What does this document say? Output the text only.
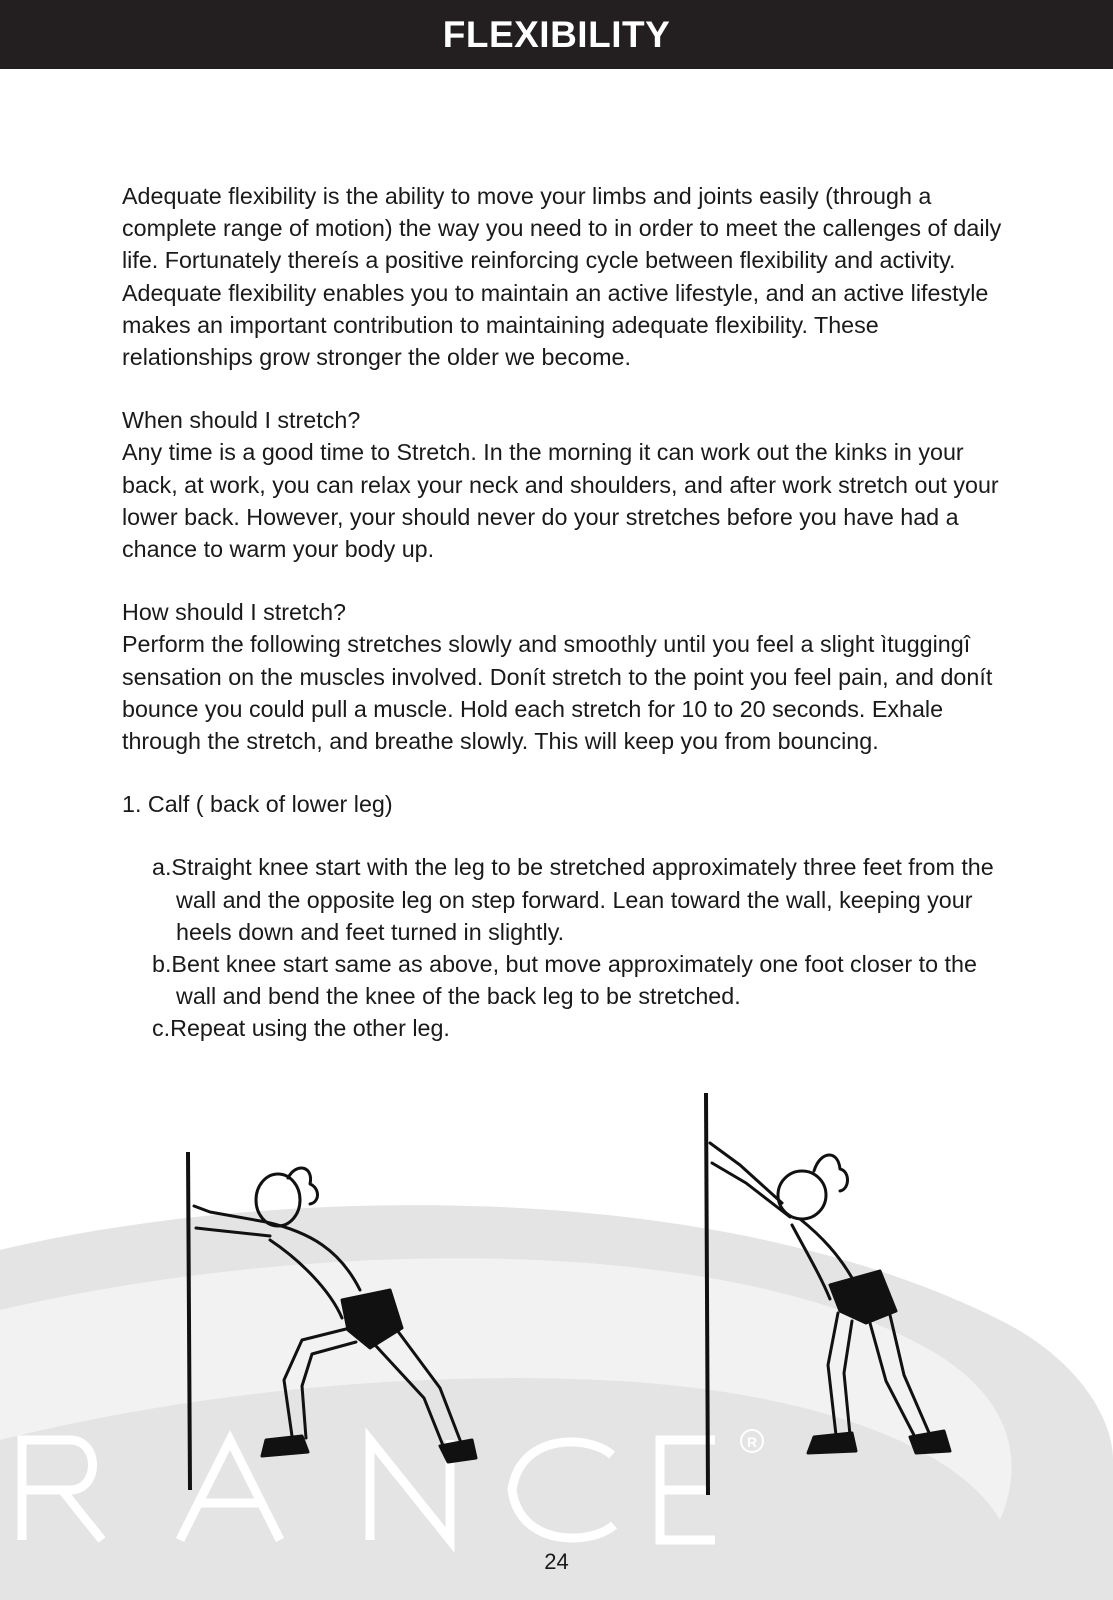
FLEXIBILITY
R

Adequate flexibility is the ability to move your limbs and joints easily (through a complete range of motion) the way you need to in order to meet the callenges of daily life. Fortunately thereís a positive reinforcing cycle between flexibility and activity. Adequate flexibility enables you to maintain an active lifestyle, and an active lifestyle makes an important contribution to maintaining adequate flexibility. These relationships grow stronger the older we become.

When should I stretch?

Any time is a good time to Stretch. In the morning it can work out the kinks in your back, at work, you can relax your neck and shoulders, and after work stretch out your lower back. However, your should never do your stretches before you have had a chance to warm your body up.

How should I stretch?

Perform the following stretches slowly and smoothly until you feel a slight ìtuggingî sensation on the muscles involved. Donít stretch to the point you feel pain, and donít bounce you could pull a muscle. Hold each stretch for 10 to 20 seconds. Exhale through the stretch, and breathe slowly. This will keep you from bouncing.

1. Calf ( back of lower leg)

a.Straight knee start with the leg to be stretched approximately three feet from the wall and the opposite leg on step forward. Lean toward the wall, keeping your heels down and feet turned in slightly.

b.Bent knee start same as above, but move approximately one foot closer to the wall and bend the knee of the back leg to be stretched.

c.Repeat using the other leg.

24
